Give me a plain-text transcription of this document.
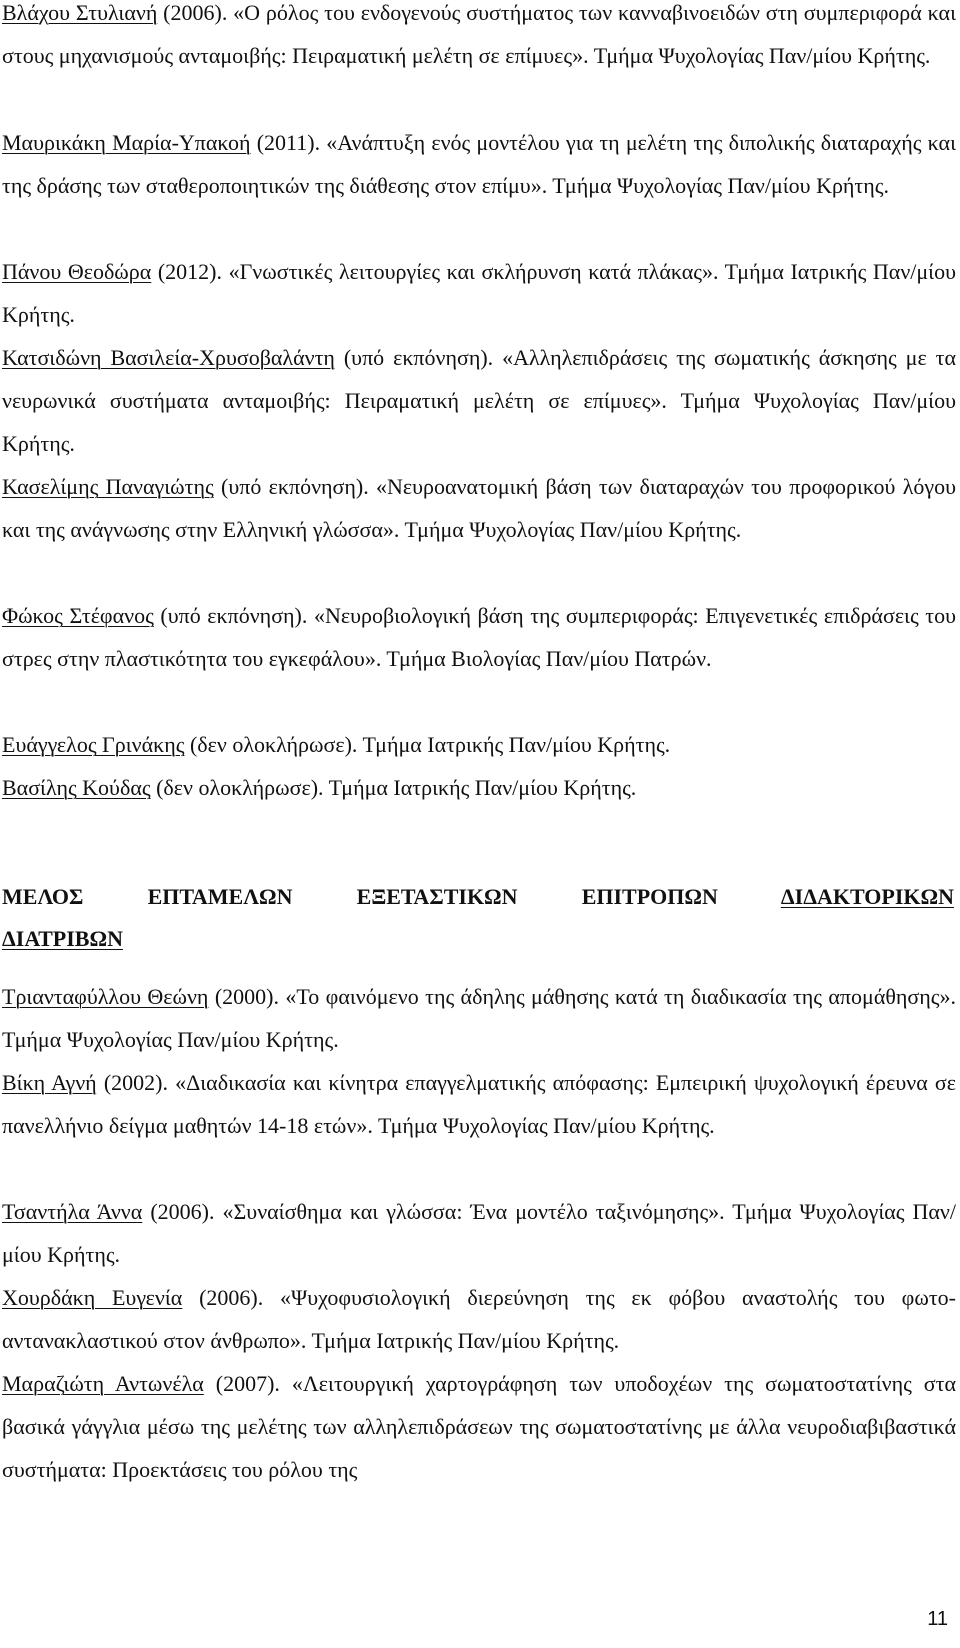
Βλάχου Στυλιανή (2006). «Ο ρόλος του ενδογενούς συστήματος των κανναβινοειδών στη συμπεριφορά και στους μηχανισμούς ανταμοιβής: Πειραματική μελέτη σε επίμυες». Τμήμα Ψυχολογίας Παν/μίου Κρήτης.
Μαυρικάκη Μαρία-Υπακοή (2011). «Ανάπτυξη ενός μοντέλου για τη μελέτη της διπολικής διαταραχής και της δράσης των σταθεροποιητικών της διάθεσης στον επίμυ». Τμήμα Ψυχολογίας Παν/μίου Κρήτης.
Πάνου Θεοδώρα (2012). «Γνωστικές λειτουργίες και σκλήρυνση κατά πλάκας». Τμήμα Ιατρικής Παν/μίου Κρήτης.
Κατσιδώνη Βασιλεία-Χρυσοβαλάντη (υπό εκπόνηση). «Αλληλεπιδράσεις της σωματικής άσκησης με τα νευρωνικά συστήματα ανταμοιβής: Πειραματική μελέτη σε επίμυες». Τμήμα Ψυχολογίας Παν/μίου Κρήτης.
Κασελίμης Παναγιώτης (υπό εκπόνηση). «Νευροανατομική βάση των διαταραχών του προφορικού λόγου και της ανάγνωσης στην Ελληνική γλώσσα». Τμήμα Ψυχολογίας Παν/μίου Κρήτης.
Φώκος Στέφανος (υπό εκπόνηση). «Νευροβιολογική βάση της συμπεριφοράς: Επιγενετικές επιδράσεις του στρες στην πλαστικότητα του εγκεφάλου». Τμήμα Βιολογίας Παν/μίου Πατρών.
Ευάγγελος Γρινάκης (δεν ολοκλήρωσε). Τμήμα Ιατρικής Παν/μίου Κρήτης.
Βασίλης Κούδας (δεν ολοκλήρωσε). Τμήμα Ιατρικής Παν/μίου Κρήτης.
ΜΕΛΟΣ ΕΠΤΑΜΕΛΩΝ ΕΞΕΤΑΣΤΙΚΩΝ ΕΠΙΤΡΟΠΩΝ ΔΙΔΑΚΤΟΡΙΚΩΝ ΔΙΑΤΡΙΒΩΝ
Τριανταφύλλου Θεώνη (2000). «Το φαινόμενο της άδηλης μάθησης κατά τη διαδικασία της απομάθησης». Τμήμα Ψυχολογίας Παν/μίου Κρήτης.
Βίκη Αγνή (2002). «Διαδικασία και κίνητρα επαγγελματικής απόφασης: Εμπειρική ψυχολογική έρευνα σε πανελλήνιο δείγμα μαθητών 14-18 ετών». Τμήμα Ψυχολογίας Παν/μίου Κρήτης.
Τσαντήλα Άννα (2006). «Συναίσθημα και γλώσσα: Ένα μοντέλο ταξινόμησης». Τμήμα Ψυχολογίας Παν/μίου Κρήτης.
Χουρδάκη Ευγενία (2006). «Ψυχοφυσιολογική διερεύνηση της εκ φόβου αναστολής του φωτο-αντανακλαστικού στον άνθρωπο». Τμήμα Ιατρικής Παν/μίου Κρήτης.
Μαραζιώτη Αντωνέλα (2007). «Λειτουργική χαρτογράφηση των υποδοχέων της σωματοστατίνης στα βασικά γάγγλια μέσω της μελέτης των αλληλεπιδράσεων της σωματοστατίνης με άλλα νευροδιαβιβαστικά συστήματα: Προεκτάσεις του ρόλου της
11
